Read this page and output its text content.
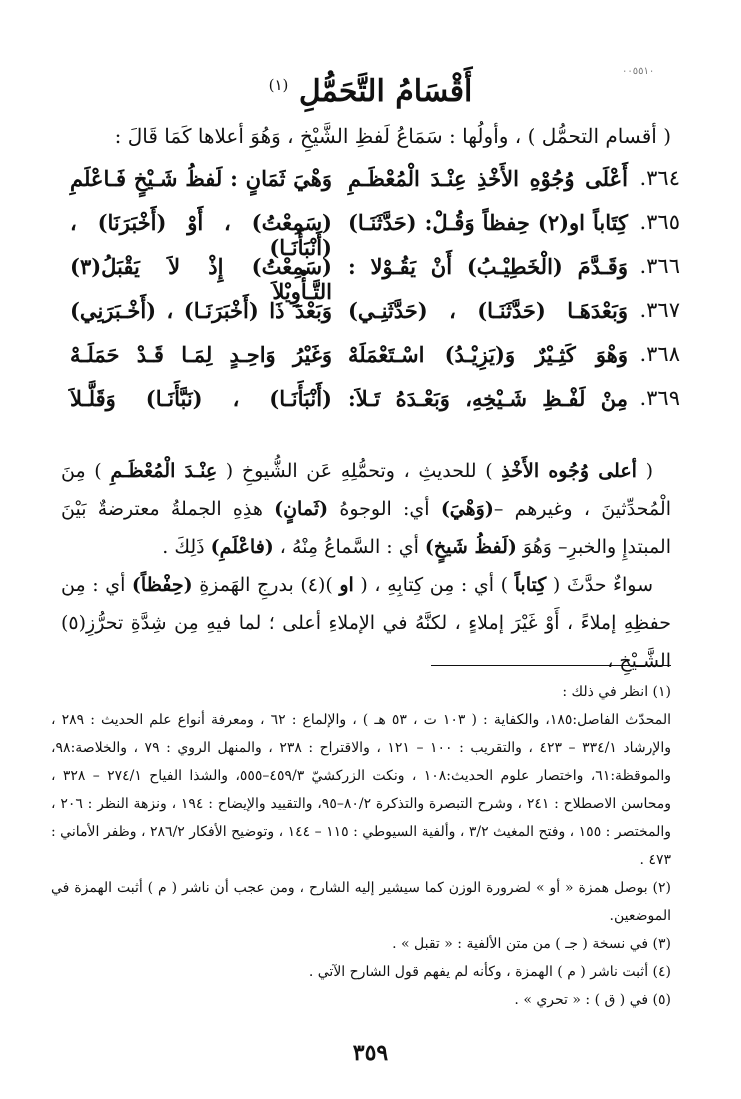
٠٠٥٥١٠
أَقْسَامُ التَّحَمُّلِ $^{(١)}$
( أقسام التحمُّل ) ، وأولُها : سَمَاعُ لَفظِ الشَّيْخِ ، وَهُوَ أعلاها كَمَا قَالَ :
٣٦٤.
أَعْلَى وُجُوْهِ الأَخْذِ عِنْـدَ الْمُعْظَـمِ
وَهْيَ ثَمَانٍ : لَفظُ شَـيْخٍ فَـاعْلَمِ
٣٦٥.
كِتَاباً او(٢) حِفظاً وَقُـلْ: (حَدَّثَنَـا)
(سَمِعْتُ) ، أَوْ (أَخْبَرَنَا) ، (أَنْبَأَنَـا)
٣٦٦.
وَقَـدَّمَ (الْخَطِيْـبُ) أَنْ يَقُـوْلا :
(سَمِعْتُ) إِذْ لاَ يَقْبَلُ(٣) التَّـأْوِيْلاَ
٣٦٧.
وَبَعْدَهَـا (حَدَّثَنَـا) ، (حَدَّثَنِـي)
وَبَعْدَ ذَا (أَخْبَرَنَـا) ، (أَخْـبَرَنِي)
٣٦٨.
وَهْوَ كَثِـيْرٌ وَ(يَزِيْـدُ) اسْـتَعْمَلَهْ
وَغَيْرُ وَاحِـدٍ لِمَـا قَـدْ حَمَلَـهْ
٣٦٩.
مِنْ لَفْـظِ شَـيْخِهِ، وَبَعْـدَهُ تَـلاَ:
(أَنْبَأَنَـا) ، (نَبَّأَنَـا) وَقَلَّـلاَ

( أعلى وُجُوه الأَخْذِ ) للحديثِ ، وتحمُّلِهِ عَن الشُّيوخِ ( عِنْـدَ الْمُعْظَـمِ ) مِنَ الْمُحدِّثينَ ، وغيرهم –(وَهْيَ) أي: الوجوهُ (ثَمانٍ) هذِهِ الجملةُ معترضةٌ بَيْنَ المبتدإِ والخبرِ– وَهُوَ (لَفظُ شَيخٍ) أي : السَّماعُ مِنْهُ ، (فاعْلَمِ) ذَلِكَ .

سواءٌ حدَّثَ ( كِتاباً ) أي : مِن كِتابِهِ ، ( او )(٤) بدرجِ الهَمزةِ (حِفْظاً) أي : مِن حفظِهِ إملاءً ، أَوْ غَيْرَ إملاءٍ ، لكنَّهُ في الإملاءِ أعلى ؛ لما فيهِ مِن شِدَّةِ تحرُّزِ(٥) الشَّـيْخِ ،

(١) انظر في ذلك :

المحدّث الفاصل:١٨٥، والكفاية : ( ١٠٣ ت ، ٥٣ هـ ) ، والإلماع : ٦٢ ، ومعرفة أنواع علم الحديث : ٢٨٩ ، والإرشاد ٣٣٤/١ – ٤٢٣ ، والتقريب : ١٠٠ – ١٢١ ، والاقتراح : ٢٣٨ ، والمنهل الروي : ٧٩ ، والخلاصة:٩٨، والموقظة:٦١، واختصار علوم الحديث:١٠٨ ، ونكت الزركشيّ ٤٥٩/٣–٥٥٥، والشذا الفياح ٢٧٤/١ – ٣٢٨ ، ومحاسن الاصطلاح : ٢٤١ ، وشرح التبصرة والتذكرة ٨٠/٢–٩٥، والتقييد والإيضاح : ١٩٤ ، ونزهة النظر : ٢٠٦ ، والمختصر : ١٥٥ ، وفتح المغيث ٣/٢ ، وألفية السيوطي : ١١٥ – ١٤٤ ، وتوضيح الأفكار ٢٨٦/٢ ، وظفر الأماني : ٤٧٣ .

(٢) بوصل همزة « أو » لضرورة الوزن كما سيشير إليه الشارح ، ومن عجب أن ناشر ( م ) أثبت الهمزة في الموضعين.

(٣) في نسخة ( جـ ) من متن الألفية : « تقبل » .

(٤) أثبت ناشر ( م ) الهمزة ، وكأنه لم يفهم قول الشارح الآتي .

(٥) في ( ق ) : « تحري » .

٣٥٩
